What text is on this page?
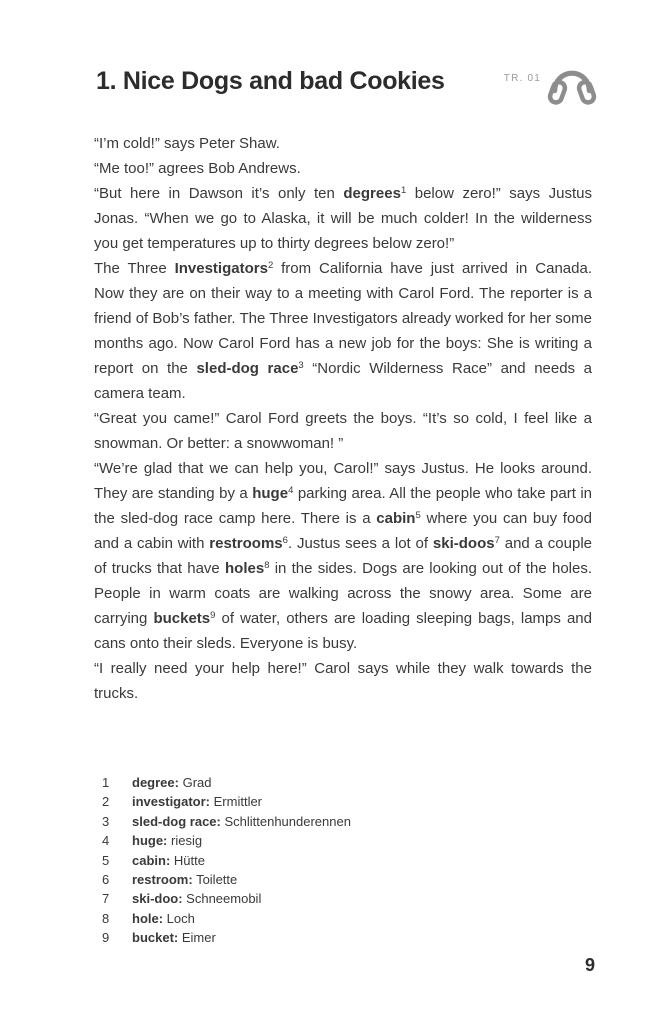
1. Nice Dogs and bad Cookies	TR. 01

“I’m cold!” says Peter Shaw.

“Me too!” agrees Bob Andrews.

“But here in Dawson it’s only ten degrees$^1$ below zero!” says Justus Jonas. “When we go to Alaska, it will be much colder! In the wilderness you get temperatures up to thirty degrees below zero!”

The Three Investigators$^2$ from California have just arrived in Canada. Now they are on their way to a meeting with Carol Ford. The reporter is a friend of Bob’s father. The Three Investigators already worked for her some months ago. Now Carol Ford has a new job for the boys: She is writing a report on the sled-dog race$^3$ “Nordic Wilderness Race” and needs a camera team.

“Great you came!” Carol Ford greets the boys. “It’s so cold, I feel like a snowman. Or better: a snowwoman! ”

“We’re glad that we can help you, Carol!” says Justus. He looks around. They are standing by a huge$^4$ parking area. All the people who take part in the sled-dog race camp here. There is a cabin$^5$ where you can buy food and a cabin with restrooms$^6$. Justus sees a lot of ski-doos$^7$ and a couple of trucks that have holes$^8$ in the sides. Dogs are looking out of the holes. People in warm coats are walking across the snowy area. Some are carrying buckets$^9$ of water, others are loading sleeping bags, lamps and cans onto their sleds. Everyone is busy.

“I really need your help here!” Carol says while they walk towards the trucks.

1	degree: Grad
2	investigator: Ermittler
3	sled-dog race: Schlittenhunderennen
4	huge: riesig
5	cabin: Hütte
6	restroom: Toilette
7	ski-doo: Schneemobil
8	hole: Loch
9	bucket: Eimer
9
